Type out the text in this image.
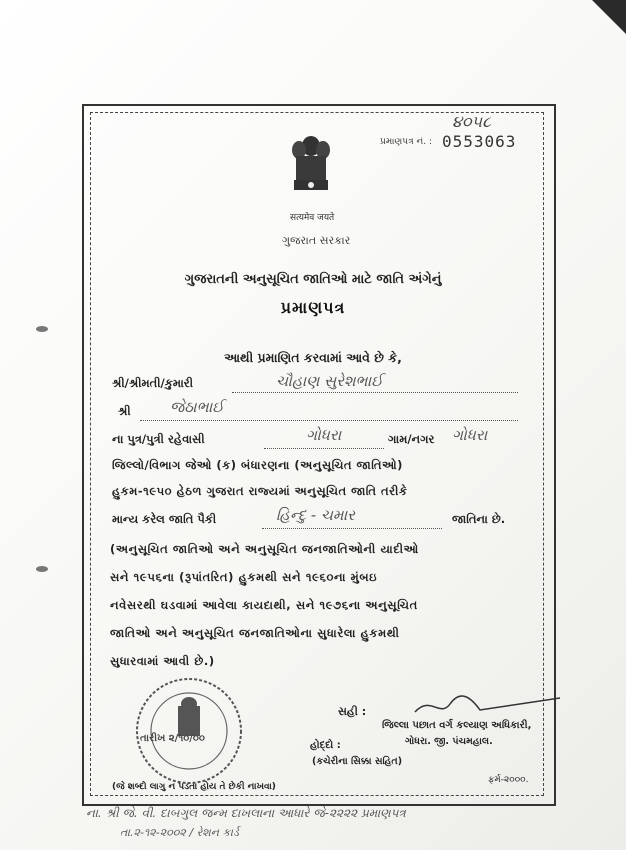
૪૦૫૮
પ્રમાણપત્ર નં. : 0553063
सत्यमेव जयते
ગુજરાત સરકાર
ગુજરાતની અનુસૂચિત જાતિઓ માટે જાતિ અંગેનું
પ્રમાણપત્ર
આથી પ્રમાણિત કરવામાં આવે છે કે,
શ્રી/શ્રીમતી/કુમારી	ચૌહાણ સુરેશભાઈ
શ્રી	જેઠાભાઈ
ના પુત્ર/પુત્રી રહેવાસી	ગોધરા	ગામ/નગર ગોધરા
જિલ્લો/વિભાગ જેઓ (ક) બંધારણના (અનુસૂચિત જાતિઓ)
હુકમ-૧૯૫૦ હેઠળ ગુજરાત રાજ્યમાં અનુસૂચિત જાતિ તરીકે
માન્ય કરેલ જાતિ પૈકી	હિન્દુ - ચમાર	જાતિના છે.
(અનુસૂચિત જાતિઓ અને અનુસૂચિત જનજાતિઓની યાદીઓ
સને ૧૯૫૬ના (રૂપાંતરિત) હુકમથી સને ૧૯૬૦ના મુંબઇ
નવેસરથી ઘડવામાં આવેલા કાયદાથી, સને ૧૯૭૬ના અનુસૂચિત
જાતિઓ અને અનુસૂચિત જનજાતિઓના સુધારેલા હુકમથી
સુધારવામાં આવી છે.)
તારીખ ૨/૧૦/૦૦
સહી :
જિલ્લા પછાત વર્ગ કલ્યાણ અધિકારી,
ગોધરા. જી. પંચમહાલ.
હોદ્દો :
(કચેરીના સિક્કા સહિત)
(જે શબ્દો લાગુ ન પડતા હોય તે છેકી નાખવા)
ફર્મ-૨૦૦૦.
ના. શ્રી જે. વી. દાબગુલ જન્મ દાખલાના આધારે જે-૨૨૨૨ પ્રમાણપત્ર
તા.૨-૧૨-૨૦૦૨ / રેશન કાર્ડ
